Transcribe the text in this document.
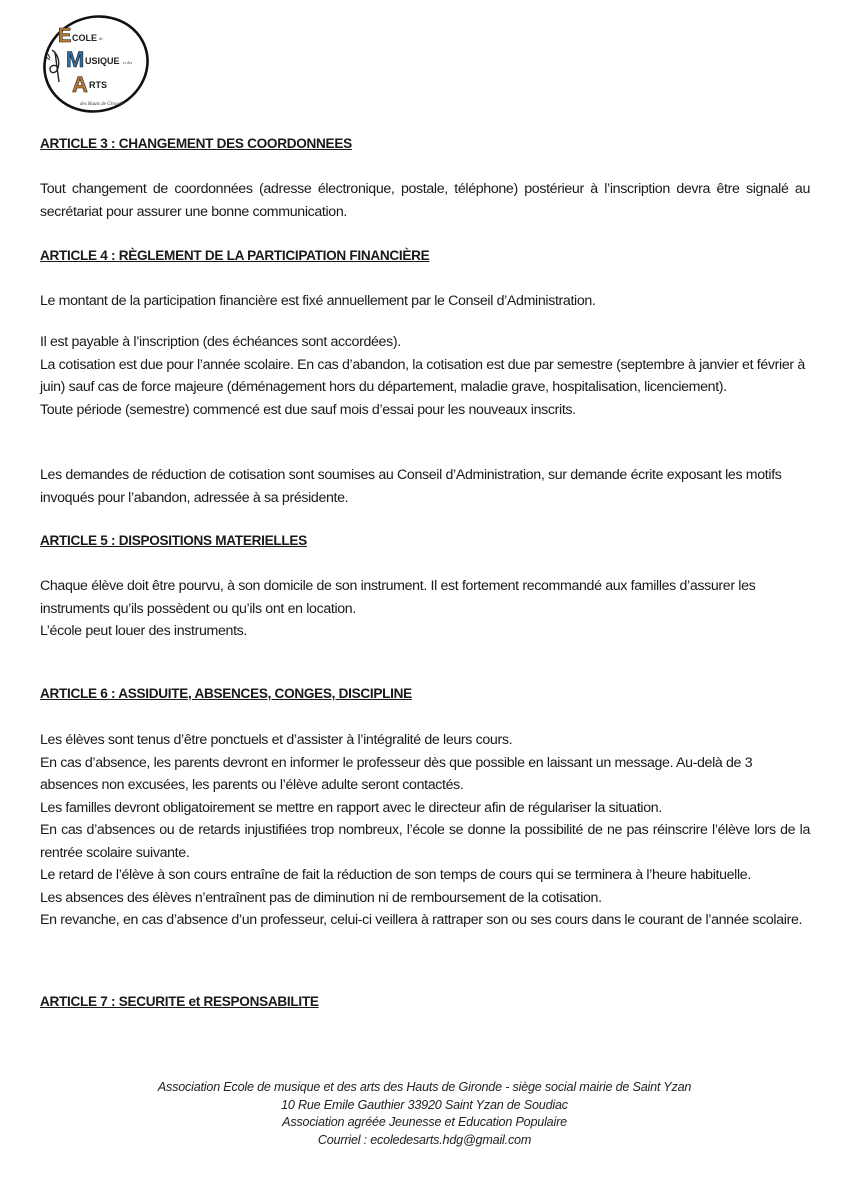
E COLE de
M USIQUE et des
A RTS
des Hauts de Gironde
ARTICLE 3 : CHANGEMENT DES COORDONNEES

Tout changement de coordonnées (adresse électronique, postale, téléphone) postérieur à l’inscription devra être signalé au secrétariat pour assurer une bonne communication.

ARTICLE 4 : RÈGLEMENT DE LA PARTICIPATION FINANCIÈRE

Le montant de la participation financière est fixé annuellement par le Conseil d’Administration.

Il est payable à l’inscription (des échéances sont accordées).

La cotisation est due pour l’année scolaire. En cas d’abandon, la cotisation est due par semestre (septembre à janvier et février à juin) sauf cas de force majeure (déménagement hors du département, maladie grave, hospitalisation, licenciement).

Toute période (semestre) commencé est due sauf mois d’essai pour les nouveaux inscrits.

Les demandes de réduction de cotisation sont soumises au Conseil d’Administration, sur demande écrite exposant les motifs invoqués pour l’abandon, adressée à sa présidente.

ARTICLE 5 : DISPOSITIONS MATERIELLES

Chaque élève doit être pourvu, à son domicile de son instrument. Il est fortement recommandé aux familles d’assurer les instruments qu’ils possèdent ou qu’ils ont en location.

L’école peut louer des instruments.

ARTICLE 6 : ASSIDUITE, ABSENCES, CONGES, DISCIPLINE

Les élèves sont tenus d’être ponctuels et d’assister à l’intégralité de leurs cours.

En cas d’absence, les parents devront en informer le professeur dès que possible en laissant un message. Au-delà de 3 absences non excusées, les parents ou l’élève adulte seront contactés.

Les familles devront obligatoirement se mettre en rapport avec le directeur afin de régulariser la situation.

En cas d’absences ou de retards injustifiées trop nombreux, l’école se donne la possibilité de ne pas réinscrire l’élève lors de la rentrée scolaire suivante.

Le retard de l’élève à son cours entraîne de fait la réduction de son temps de cours qui se terminera à l’heure habituelle.

Les absences des élèves n’entraînent pas de diminution ni de remboursement de la cotisation.

En revanche, en cas d’absence d’un professeur, celui-ci veillera à rattraper son ou ses cours dans le courant de l’année scolaire.

ARTICLE 7 : SECURITE et RESPONSABILITE
Association Ecole de musique et des arts des Hauts de Gironde - siège social mairie de Saint Yzan
10 Rue Emile Gauthier 33920 Saint Yzan de Soudiac
Association agréée Jeunesse et Education Populaire
Courriel : ecoledesarts.hdg@gmail.com
